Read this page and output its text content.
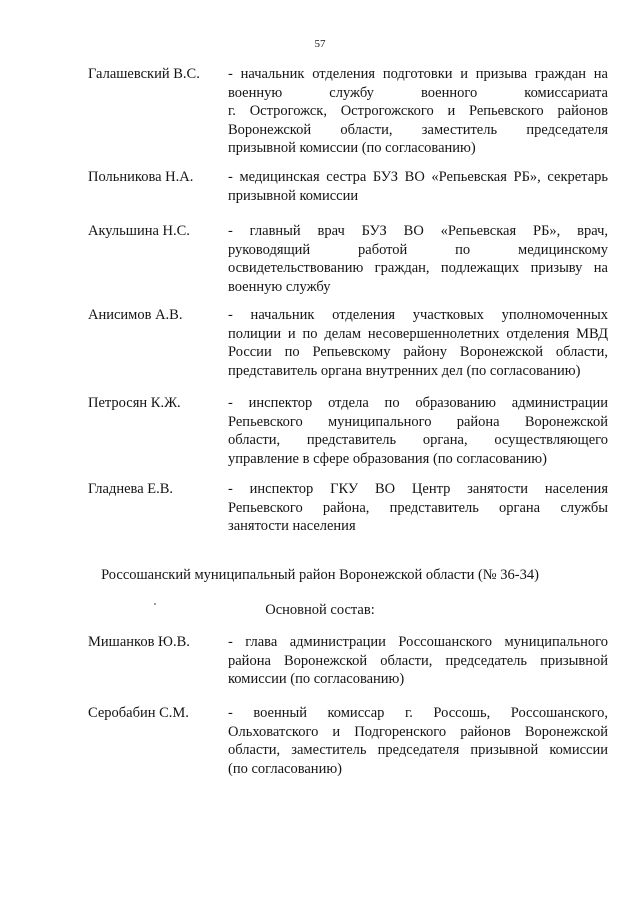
57
Галашевский В.С. - начальник отделения подготовки и призыва граждан на
военную службу военного комиссариата
г. Острогожск, Острогожского и Репьевского районов
Воронежской области, заместитель председателя
призывной комиссии (по согласованию)
Польникова Н.А. - медицинская сестра БУЗ ВО «Репьевская РБ», секретарь
призывной комиссии
Акульшина Н.С.	- главный врач БУЗ ВО «Репьевская РБ», врач,
руководящий работой по медицинскому
освидетельствованию граждан, подлежащих призыву на
военную службу
Анисимов А.В.	- начальник отделения участковых уполномоченных
полиции и по делам несовершеннолетних отделения МВД
России по Репьевскому району Воронежской области,
представитель органа внутренних дел (по согласованию)
Петросян К.Ж.	- инспектор отдела по образованию администрации
Репьевского муниципального района Воронежской
области, представитель органа, осуществляющего
управление в сфере образования (по согласованию)
Гладнева Е.В.	- инспектор ГКУ ВО Центр занятости населения
Репьевского района, представитель органа службы
занятости населения
Россошанский муниципальный район Воронежской области (№ 36-34)
Основной состав:
Мишанков Ю.В.	- глава администрации Россошанского муниципального
района Воронежской области, председатель призывной
комиссии (по согласованию)
Серобабин С.М.	- военный комиссар г. Россошь, Россошанского,
Ольховатского и Подгоренского районов Воронежской
области, заместитель председателя призывной комиссии
(по согласованию)
